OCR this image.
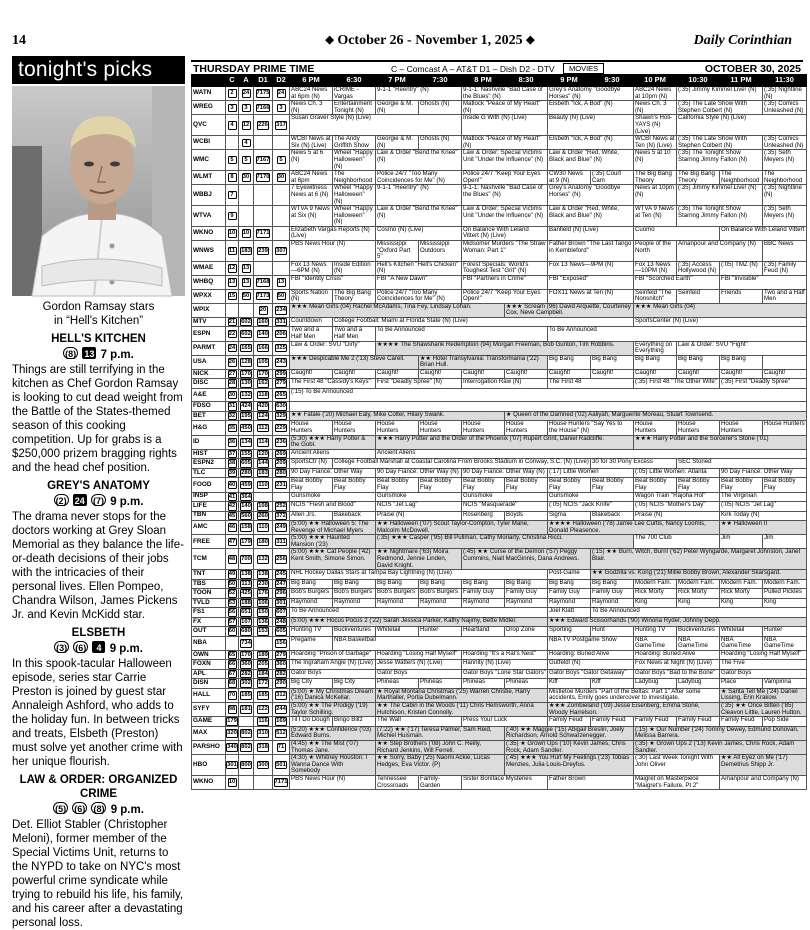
14	◆ October 26 - November 1, 2025 ◆	Daily Corinthian
tonight's picks
Gordon Ramsay stars
in “Hell's Kitchen”
HELL'S KITCHEN
(8) 13 7 p.m.
Things are still terrifying in the kitchen as Chef Gordon Ramsay is looking to cut dead weight from the Battle of the States-themed season of this cooking competition. Up for grabs is a $250,000 prizem bragging rights and the head chef position.
GREY'S ANATOMY
(2) 24 (7) 9 p.m.
The drama never stops for the doctors working at Grey Sloan Memorial as they balance the life-or-death decisions of their jobs with the intricacies of their personal lives. Ellen Pompeo, Chandra Wilson, James Pickens Jr. and Kevin McKidd star.
ELSBETH
(3) (6) 4 9 p.m.
In this spook-tacular Halloween episode, series star Carrie Preston is joined by guest star Annaleigh Ashford, who adds to the holiday fun. In between tricks and treats, Elsbeth (Preston) must solve yet another crime with her unique flourish.
LAW & ORDER: ORGANIZED CRIME
(5) (6) (8) 9 p.m.
Det. Elliot Stabler (Christopher Meloni), former member of the Special Victims Unit, returns to the NYPD to take on NYC's most powerful crime syndicate while trying to rebuild his life, his family, and his career after a devastating personal loss.
THURSDAY PRIME TIME	C – Comcast A – AT&T D1 – Dish D2 - DTV	MOVIES	OCTOBER 30, 2025
	C	A	D1	D2	6 PM	6:30	7 PM	7:30	8 PM	8:30	9 PM	9:30	10 PM	10:30	11 PM	11:30
WATN	2	24	7175	24	ABC24 News at 6pm (N)	iCRIME - Vargas	9-1-1 "Reentry" (N)		9-1-1: Nashville "Bad Case of the Blues" (N)		Grey's Anatomy "Goodbye Horses" (N)		ABC24 News at 10pm (N)	(:35) Jimmy Kimmel Live! (N)		(:35) Nightline (N)
WREG	3	3	7166	3	News Ch. 3 (N)	Entertainment Tonight (N)	Georgie & M. (N)	Ghosts (N)	Matlock "Peace of My Heart" (N)		Elsbeth "Ick, A Bod" (N)		News Ch. 3 (N)	(:35) The Late Show With Stephen Colbert (N)		(:35) Comics Unleashed (N)
QVC	4	12	226	317	Susan Graver Style (N) (Live)				Inside G With (N) (Live)		Beauty (N) (Live)		Shawn's Holi-YAYS (N) (Live)	California Style (N) (Live)		
WCBI		4			WCBI News at Six (N) (Live)	The Andy Griffith Show	Georgie & M. (N)	Ghosts (N)	Matlock "Peace of My Heart" (N)		Elsbeth "Ick, A Bod" (N)		WCBI News at Ten (N) (Live)	(:35) The Late Show With Stephen Colbert (N)		(:35) Comics Unleashed (N)
WMC	5	5	7167	5	News 5 at 6 (N)	Wheel "Happy Halloween" (N)	Law & Order "Bend the Knee" (N)		Law & Order: Special Victims Unit "Under the Influence" (N)		Law & Order "Red, White, Black and Blue" (N)		News 5 at 10 (N)	(:35) The Tonight Show Starring Jimmy Fallon (N)		(:35) Seth Meyers (N)
WLMT	8	30	7170	30	ABC24 News at 6pm	The Neighborhood	Police 24/7 "Too Many Coincidences for Me" (N)		Police 24/7 "Keep Your Eyes Open!"		CW30 News at 9 (N)	(:35) Court Cam	The Big Bang Theory	The Big Bang Theory	The Neighborhood	The Neighborhood
WBBJ	7				7 Eyewitness News at 6 (N)	Wheel "Happy Halloween" (N)	9-1-1 "Reentry" (N)		9-1-1: Nashville "Bad Case of the Blues" (N)		Grey's Anatomy "Goodbye Horses" (N)		News at 10pm (N)	(:35) Jimmy Kimmel Live! (N)		(:35) Nightline (N)
WTVA	9				WTVA 9 News at Six (N)	Wheel "Happy Halloween" (N)	Law & Order "Bend the Knee" (N)		Law & Order: Special Victims Unit "Under the Influence" (N)		Law & Order "Red, White, Black and Blue" (N)		WTVA 9 News at Ten (N)	(:35) The Tonight Show Starring Jimmy Fallon (N)		(:35) Seth Meyers (N)
WKNO	10	10	7171		Elizabeth Vargas Reports (N) (Live)		Cosmo (N) (Live)		On Balance With Leland Vittert (N) (Live)		Banfield (N) (Live)		Cuomo		On Balance With Leland Vittert	
WNWS	11	183	239	307	PBS News Hour (N)		Mississippi "Oxford Part 5"	Mississippi Outdoors	Midsomer Murders "The Straw Woman: Part 1"		Father Brown "The Last Tango in Kembleford"		People of the North	Amanpour and Company (N)		BBC News
WMAE	12	13			Fox 13 News—6PM (N)	Inside Edition (N)	Hell's Kitchen "Hell's Chicken" (N)		Forest Specials: World's Toughest Test "Grit" (N)		Fox 13 News—9PM (N)		Fox 13 News—10PM (N)	(:35) Access Hollywood (N)	(:05) TMZ (N)	(:35) Family Feud (N)
WHBQ	13	13	7168	13	FBI "Identity Crisis"		FBI "A New Dawn"		FBI "Partners in Crime"		FBI "Exposed"		FBI "Scorched Earth"		FBI "Invisible"	
WPXX	15	50	7173	50	Sports Nation (N)	The Big Bang Theory	Police 24/7 "Too Many Coincidences for Me" (N)		Police 24/7 "Keep Your Eyes Open!"		FOX11 News at Ten (N)		Seinfeld "The Nonsnitch"	Seinfeld	Friends	Two and a Half Men
WPIX			20	234	★★★ Mean Girls (04) Rachel McAdams, Tina Fey, Lindsay Lohan.					★★★ Scream (96) David Arquette, Courteney Cox, Neve Campbell.			★★★ Mean Girls (04)			
MTV	21	602	160	331	Countdown	College Football: Miami at Florida State (N) (Live)							SportsCenter (N) (Live)			
ESPN	22	602	140	206	Two and a Half Men	Two and a Half Men	To Be Announced				To Be Announced					
PARMT	24	165	166	325	Law & Order: SVU "Dirty"		★★★★ The Shawshank Redemption (94) Morgan Freeman, Bob Gunton, Tim Robbins.						Everything on Everything	Law & Order: SVU "Fight"		
USA	26	128	105	243	★★★ Despicable Me 2 ('13) Steve Carell.			★★ Hotel Transylvania: Transformania ('22) Brian Hull.			Big Bang	Big Bang	Big Bang	Big Bang	Big Bang	
NICK	27	170	170	299	Caught!	Caught!	Caught!	Caught!	Caught!	Caught!	Caught!	Caught!	Caught!	Caught!	Caught!	Caught!
DISC	28	130	162	279	The First 48 "Cassidy's Keys"		First "Deadly Spree" (N)		Interrogation Raw (N)		The First 48		(:35) First 48 "The Other Wife"		(:35) First "Deadly Spree"	
A&E	30	132	118	265	(:15) To Be Announced											
FDSO	31	424	420	630												
BET	32	195	124	329	★★ Fatale ('20) Michael Ealy, Mike Colter, Hilary Swank.					★ Queen of the Damned ('02) Aaliyah, Marguerite Moreau, Stuart Townsend.						
H&G	35	450	112	229	House Hunters	House Hunters	House Hunters	House Hunters	House Hunters	House Hunters	House Hunters "Say Yes to the House" (N)		House Hunters	House Hunters	House Hunters	House Hunters
ID	36	134	114	236	(5:30) ★★★ Harry Potter & the Gobl.		★★★ Harry Potter and the Order of the Phoenix ('07) Rupert Grint, Daniel Radcliffe.						★★★ Harry Potter and the Sorcerer's Stone ('01)			
HIST	37	155	120	269	Ancient Aliens		Ancient Aliens									
ESPN2	38	605	144	209	SportsCtr (N)	College Football Marshall at Coastal Carolina From Brooks Stadium in Conway, S.C. (N) (Live)						30 for 30 Pony Excess		SEC Storied		
TLC	39	280	183	280	90 Day Fiancé: Other Way		90 Day Fiancé: Other Way (N)		90 Day Fiancé: Other Way (N)		(:17) Little Women		(:05) Little Women: Atlanta		90 Day Fiancé: Other Way	
FOOD	40	459	110	231	Beat Bobby Flay	Beat Bobby Flay	Beat Bobby Flay	Beat Bobby Flay	Beat Bobby Flay	Beat Bobby Flay	Beat Bobby Flay	Beat Bobby Flay	Beat Bobby Flay	Beat Bobby Flay	Beat Bobby Flay	Beat Bobby Flay
INSP	41	364			Gunsmoke		Gunsmoke		Gunsmoke		Gunsmoke		Wagon Train "Rajoha Hol"		The Virginian	
LIFE	42	140	108	252	NCIS "Flesh and Blood"		NCIS "Jet Lag"		NCIS "Masquerade"		(:05) NCIS "Jack Knife"		(:05) NCIS "Mother's Day"		(:05) NCIS "Jet Lag"	
TBN	45	560	260	372	Allen Jrs.	Bakeback	Praise (N)		Rosenberg	Boyds	Sigma	Blakeback	Praise (N)		Kirk Today (N)	
AMC	46	158	110	249	(5:00) ★★ Halloween 5: The Revenge of Michael Myers		★★ Halloween ('07) Scout Taylor-Compton, Tyler Mane, Malcolm McDowell.				★★★★ Halloween ('78) Jamie Lee Curtis, Nancy Loomis, Donald Pleasence.				★★ Halloween II	
FREE	47	179	180	311	(5:00) ★★★ Haunted Mansion ('23)		(:35) ★★★ Casper ('95) Bill Pullman, Cathy Moriarty, Christina Ricci.						The 700 Club		Jim	Jim
TCM	48	700	132	256	(5:00) ★★★ Cat People ('42) Kent Smith, Simone Simon.		★★ Nightmare ('63) Moira Redmond, Jennie Linden, David Knight.		(:45) ★★ Curse of the Demon ('57) Peggy Cummins, Niall MacGinnis, Dana Andrews.			(:15) ★★ Burn, Witch, Burn! ('62) Peter Wyngarde, Margaret Johnston, Janet Blair.				
TNT	49	138	138	245	NHL Hockey Dallas Stars at Tampa Bay Lightning (N) (Live)						Post-Game	★★ Godzilla vs. Kong ('21) Millie Bobby Brown, Alexander Skarsgard.				
TBS	50	113	230	247	Big Bang	Big Bang	Big Bang	Big Bang	Big Bang	Big Bang	Big Bang	Big Bang	Modern Fam.	Modern Fam.	Modern Fam.	Modern Fam.
TOON	52	425	176	296	Bob's Burgers	Bob's Burgers	Bob's Burgers	Bob's Burgers	Family Guy	Family Guy	Family Guy	Family Guy	Rick Morty	Rick Morty	Rick Morty	Pulled Pickles
TVLD	53	188	106	301	Raymond	Raymond	Raymond	Raymond	Raymond	Raymond	Raymond	Raymond	King	King	King	King
FS1	56	651	150	607	To Be Announced						Joel Klatt	To Be Announced				
FX	57	107	136	248	(5:00) ★★★ Hocus Pocus 2 ('22) Sarah Jessica Parker, Kathy Najimy, Bette Midler.						★★★ Edward Scissorhands ('90) Winona Ryder, Johnny Depp.					
OUT	60	680	153	605	Hunting TV	Buckventures	Whitetail	Hunter	Heartland	Drop Zone	Sporting	Hunt	Hunting TV	Buckventures	Whitetail	Hunter
NBA		734		156	Pregame	NBA Basketball					NBA TV Postgame Show		NBA GameTime	NBA GameTime	NBA GameTime	NBA GameTime
OWN	65	170	189	279	Hoarding "Prison of Garbage"		Hoarding "Losing Half Myself"		Hoarding "It's a Rat's Nest"		Hoarding: Buried Alive		Hoarding: Buried Alive		Hoarding "Losing Half Myself"	
FOXN	66	360	205	360	The Ingraham Angle (N) (Live)		Jesse Watters (N) (Live)		Hannity (N) (Live)		Gutfeld! (N)		Fox News at Night (N) (Live)		The Five	
APL	67	282	184	282	Gator Boys		Gator Boys		Gator Boys "Lone Star Gators"		Gator Boys "Gator Getaway"		Gator Boys "Bad to the Bone"		Gator Boys	
DISN	68	302	172	290	Big City	Big City	Phineas	Phineas	Phineas	Phineas	Kiff	Kiff	Ladybug	Ladybug	Place	Vampirina
HALL	70	185	185	312	(5:00) ★ My Christmas Dream ('16) Danica McKellar.		★ Royal Montana Christmas ('25) Warren Christie, Harry Marthaller, Portia Dubelmann.				Mistletoe Murders "Part of the Beltas: Part 1" After some accidents, Emily goes undercover to investigate.				★ Santa Tell Me ('24) Daniel Lissing, Erin Krakow.	
SYFY	98	181	122	244	(5:00) ★★ The Prodigy ('19) Taylor Schilling.		★★ The Cabin in the Woods ('11) Chris Hemsworth, Anna Hutchison, Kristen Connolly.				★★★ Zombieland ('09) Jesse Eisenberg, Emma Stone, Woody Harrelson.				(:35) ★★ Once Bitten ('85) Cleavon Little, Lauren Hutton.	
GAME	179		116	169	Til I Do Dough	Bingo Blitz	The Wall		Press Your Luck		Family Feud	Family Feud	Family Feud	Family Feud	Family Feud	Pop Side
MAX	320	802	310	512	(5:20) ★★★ Confidence ('03) Edward Burns.		(7:22) ★★ ('17) Teresa Palmer, Sam Reid, Michiel Huisman.			(:40) ★★ Maggie ('15) Abigail Breslin, Joely Richardson, Arnold Schwarzenegger.			(:15) ★ Our Number ('24) Tommy Dewey, Edmund Donovan, Melissa Barrera.			
PARSHO	340	802	318	71	(4:45) ★★ The Mist ('07) Thomas Jane.		★★ Step Brothers ('08) John C. Reilly, Richard Jenkins, Will Ferrell.			(:35) ★ Grown Ups ('10) Kevin James, Chris Rock, Adam Sandler.			(:35) ★ Grown Ups 2 ('13) Kevin James, Chris Rock, Adam Sandler.			
HBO	301	800	300	501	(4:30) ★ Whitney Houston: I Wanna Dance With Somebody		★★ Sorry, Baby ('25) Naomi Ackie, Lucas Hedges, Eva Victor. (P)			(:45) ★★★ You Hurt My Feelings ('23) Tobias Menzies, Julia Louis-Dreyfus.			(:30) Last Week Tonight With John Oliver		★★ All Eyez on Me ('17) Demetrius Shipp Jr.	
WKNO	10			7171	PBS News Hour (N)		Tennessee Crossroads	Family-Garden	Sister Boniface Mysteries		Father Brown		Maigret on Masterpiece "Maigret's Failure, Pt 2"		Amanpour and Company (N)	
